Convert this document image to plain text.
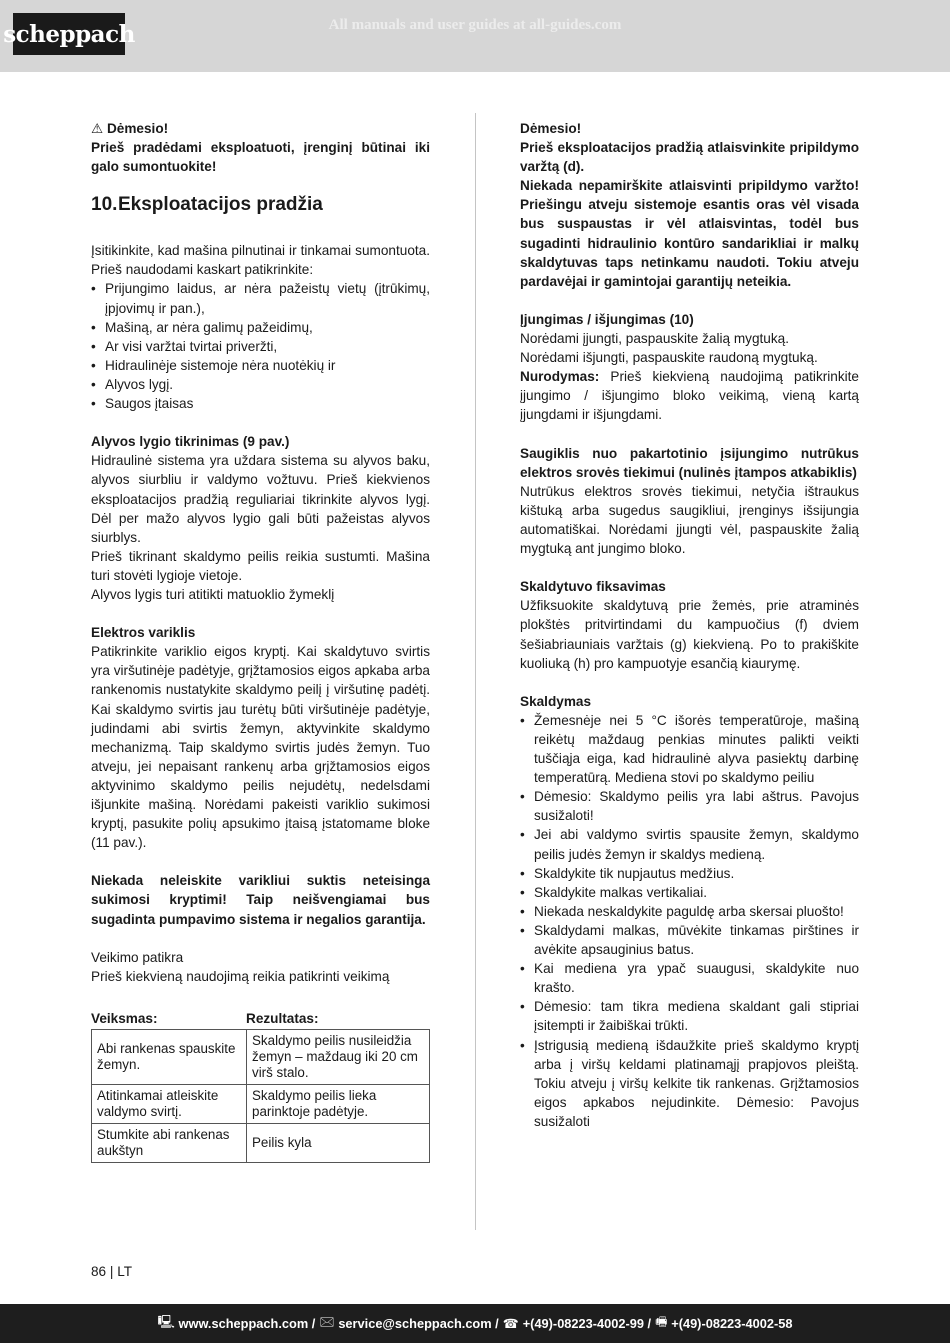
scheppach	All manuals and user guides at all-guides.com

⚠ Dėmesio!

Prieš pradėdami eksploatuoti, įrenginį būtinai iki galo sumontuokite!

10. Eksploatacijos pradžia

Įsitikinkite, kad mašina pilnutinai ir tinkamai sumontuota. Prieš naudodami kaskart patikrinkite:

• Prijungimo laidus, ar nėra pažeistų vietų (įtrūkimų, įpjovimų ir pan.),
• Mašiną, ar nėra galimų pažeidimų,
• Ar visi varžtai tvirtai priveržti,
• Hidraulinėje sistemoje nėra nuotėkių ir
• Alyvos lygį.
• Saugos įtaisas

Alyvos lygio tikrinimas (9 pav.)

Hidraulinė sistema yra uždara sistema su alyvos baku, alyvos siurbliu ir valdymo vožtuvu. Prieš kiekvienos eksploatacijos pradžią reguliariai tikrinkite alyvos lygį. Dėl per mažo alyvos lygio gali būti pažeistas alyvos siurblys.

Prieš tikrinant skaldymo peilis reikia sustumti. Mašina turi stovėti lygioje vietoje.

Alyvos lygis turi atitikti matuoklio žymeklį

Elektros variklis

Patikrinkite variklio eigos kryptį. Kai skaldytuvo svirtis yra viršutinėje padėtyje, grįžtamosios eigos apkaba arba rankenomis nustatykite skaldymo peilį į viršutinę padėtį. Kai skaldymo svirtis jau turėtų būti viršutinėje padėtyje, judindami abi svirtis žemyn, aktyvinkite skaldymo mechanizmą. Taip skaldymo svirtis judės žemyn. Tuo atveju, jei nepaisant rankenų arba grįžtamosios eigos aktyvinimo skaldymo peilis nejudėtų, nedelsdami išjunkite mašiną. Norėdami pakeisti variklio sukimosi kryptį, pasukite polių apsukimo įtaisą įstatomame bloke (11 pav.).

Niekada neleiskite varikliui suktis neteisinga sukimosi kryptimi! Taip neišvengiamai bus sugadinta pumpavimo sistema ir negalios garantija.

Veikimo patikra

Prieš kiekvieną naudojimą reikia patikrinti veikimą

Veiksmas:	Rezultatas:
Abi rankenas spauskite žemyn.	Skaldymo peilis nusileidžia žemyn – maždaug iki 20 cm virš stalo.
Atitinkamai atleiskite valdymo svirtį.	Skaldymo peilis lieka parinktoje padėtyje.
Stumkite abi rankenas aukštyn	Peilis kyla

Dėmesio!

Prieš eksploatacijos pradžią atlaisvinkite pripildymo varžtą (d).

Niekada nepamirškite atlaisvinti pripildymo varžto! Priešingu atveju sistemoje esantis oras vėl visada bus suspaustas ir vėl atlaisvintas, todėl bus sugadinti hidraulinio kontūro sandarikliai ir malkų skaldytuvas taps netinkamu naudoti. Tokiu atveju pardavėjai ir gamintojai garantijų neteikia.

Įjungimas / išjungimas (10)

Norėdami įjungti, paspauskite žalią mygtuką.

Norėdami išjungti, paspauskite raudoną mygtuką.

Nurodymas: Prieš kiekvieną naudojimą patikrinkite įjungimo / išjungimo bloko veikimą, vieną kartą įjungdami ir išjungdami.

Saugiklis nuo pakartotinio įsijungimo nutrūkus elektros srovės tiekimui (nulinės įtampos atkabiklis)

Nutrūkus elektros srovės tiekimui, netyčia ištraukus kištuką arba sugedus saugikliui, įrenginys išsijungia automatiškai. Norėdami įjungti vėl, paspauskite žalią mygtuką ant jungimo bloko.

Skaldytuvo fiksavimas

Užfiksuokite skaldytuvą prie žemės, prie atraminės plokštės pritvirtindami du kampuočius (f) dviem šešiabriauniais varžtais (g) kiekvieną. Po to prakiškite kuoliuką (h) pro kampuotyje esančią kiaurymę.

Skaldymas

• Žemesnėje nei 5 °C išorės temperatūroje, mašiną reikėtų maždaug penkias minutes palikti veikti tuščiąja eiga, kad hidraulinė alyva pasiektų darbinę temperatūrą. Mediena stovi po skaldymo peiliu
• Dėmesio: Skaldymo peilis yra labi aštrus. Pavojus susižaloti!
• Jei abi valdymo svirtis spausite žemyn, skaldymo peilis judės žemyn ir skaldys medieną.
• Skaldykite tik nupjautus medžius.
• Skaldykite malkas vertikaliai.
• Niekada neskaldykite paguldę arba skersai pluošto!
• Skaldydami malkas, mūvėkite tinkamas pirštines ir avėkite apsauginius batus.
• Kai mediena yra ypač suaugusi, skaldykite nuo krašto.
• Dėmesio: tam tikra mediena skaldant gali stipriai įsitempti ir žaibiškai trūkti.
• Įstrigusią medieną išdaužkite prieš skaldymo kryptį arba į viršų keldami platinamąjį prapjovos pleištą. Tokiu atveju į viršų kelkite tik rankenas. Grįžtamosios eigos apkabos nejudinkite. Dėmesio: Pavojus susižaloti
86 | LT
🖳 www.scheppach.com / 🖂 service@scheppach.com / ☎ +(49)-08223-4002-99 / 🖷 +(49)-08223-4002-58
